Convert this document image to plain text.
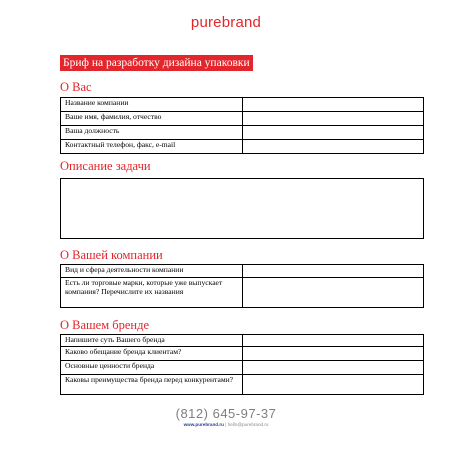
purebrand
Бриф на разработку дизайна упаковки
О Вас
Название компании	
Ваше имя, фамилия, отчество	
Ваша должность	
Контактный телефон, факс, e-mail	
Описание задачи
О Вашей компании
Вид и сфера деятельности компании	
Есть ли торговые марки, которые уже выпускает компания? Перечислите их названия	
О Вашем бренде
Напишите суть Вашего бренда	
Каково обещание бренда клиентам?	
Основные ценности бренда	
Каковы преимущества бренда перед конкурентами?	
(812) 645-97-37
www.purebrand.ru | hello@purebrand.ru
